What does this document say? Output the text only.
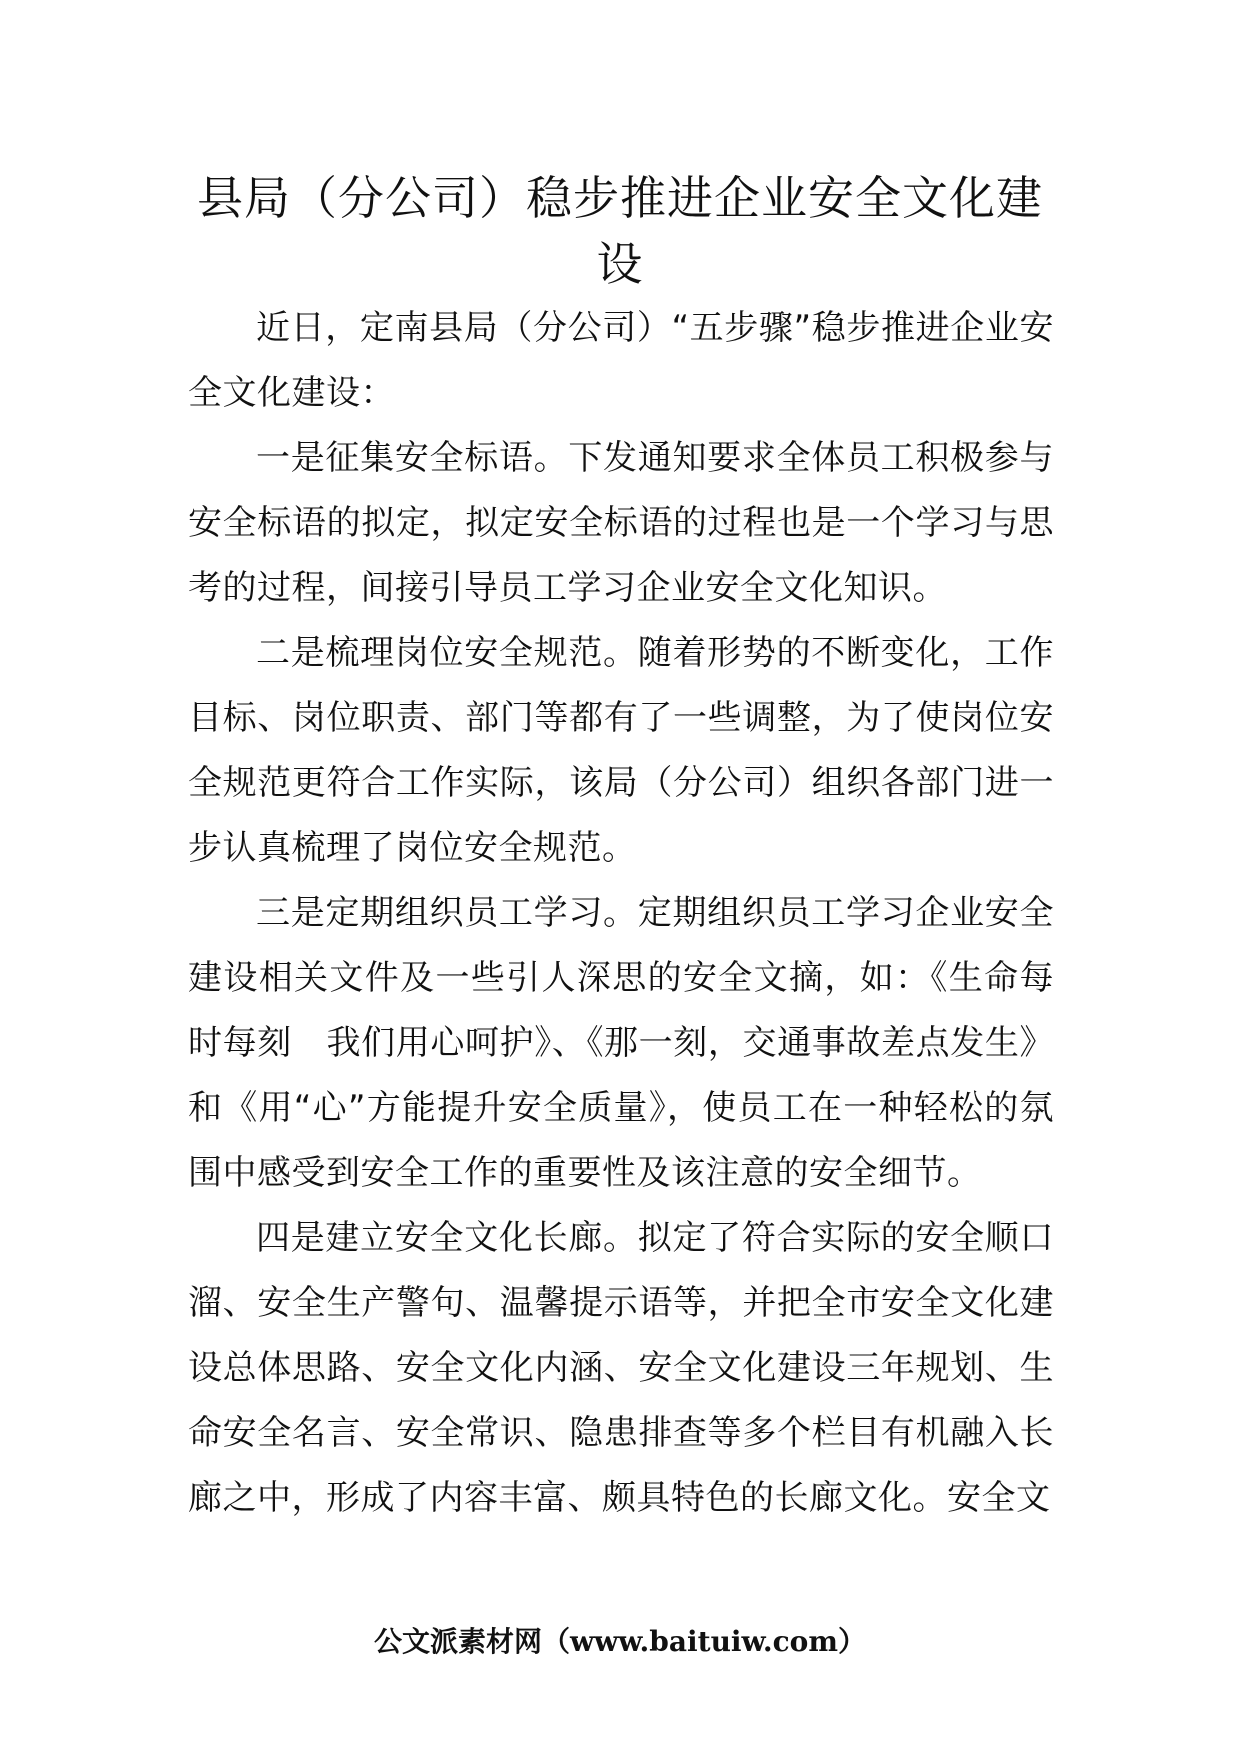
县局（分公司）稳步推进企业安全文化建设

近日，定南县局（分公司）“五步骤”稳步推进企业安全文化建设：

一是征集安全标语。下发通知要求全体员工积极参与安全标语的拟定，拟定安全标语的过程也是一个学习与思考的过程，间接引导员工学习企业安全文化知识。

二是梳理岗位安全规范。随着形势的不断变化，工作目标、岗位职责、部门等都有了一些调整，为了使岗位安全规范更符合工作实际，该局（分公司）组织各部门进一步认真梳理了岗位安全规范。

三是定期组织员工学习。定期组织员工学习企业安全建设相关文件及一些引人深思的安全文摘，如：《生命每时每刻　我们用心呵护》、《那一刻，交通事故差点发生》和《用“心”方能提升安全质量》，使员工在一种轻松的氛围中感受到安全工作的重要性及该注意的安全细节。

四是建立安全文化长廊。拟定了符合实际的安全顺口溜、安全生产警句、温馨提示语等，并把全市安全文化建设总体思路、安全文化内涵、安全文化建设三年规划、生命安全名言、安全常识、隐患排查等多个栏目有机融入长廊之中，形成了内容丰富、颇具特色的长廊文化。安全文

公文派素材网（www.baituiw.com）
